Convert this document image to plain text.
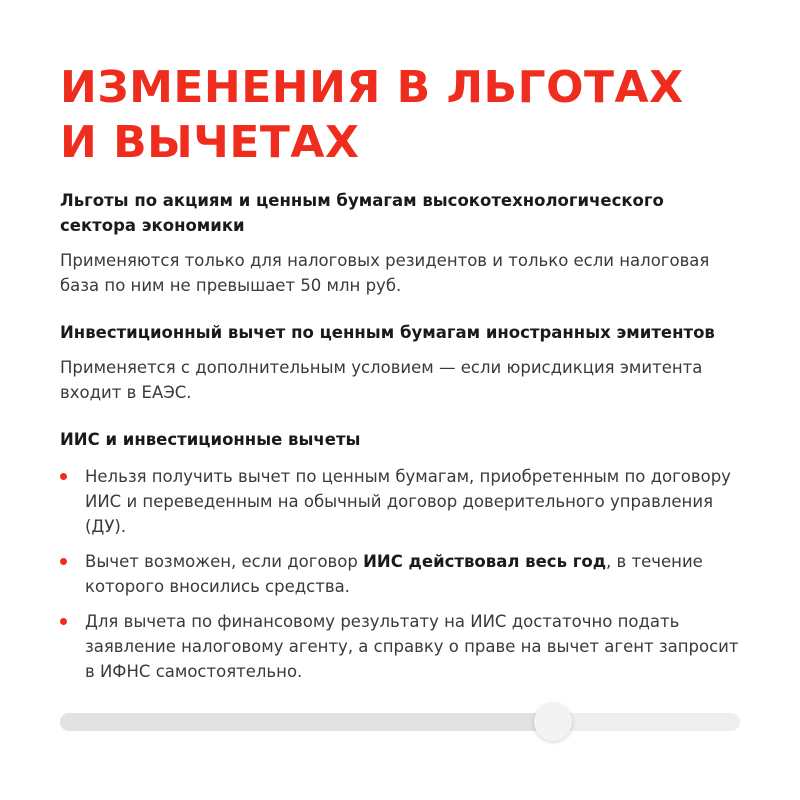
ИЗМЕНЕНИЯ В ЛЬГОТАХ
И ВЫЧЕТАХ
Льготы по акциям и ценным бумагам высокотехнологического сектора экономики

Применяются только для налоговых резидентов и только если налоговая база по ним не превышает 50 млн руб.

Инвестиционный вычет по ценным бумагам иностранных эмитентов

Применяется с дополнительным условием — если юрисдикция эмитента входит в ЕАЭС.

ИИС и инвестиционные вычеты
Нельзя получить вычет по ценным бумагам, приобретенным по договору ИИС и переведенным на обычный договор доверительного управления (ДУ).
Вычет возможен, если договор ИИС действовал весь год, в течение которого вносились средства.
Для вычета по финансовому результату на ИИС достаточно подать заявление налоговому агенту, а справку о праве на вычет агент запросит в ИФНС самостоятельно.
